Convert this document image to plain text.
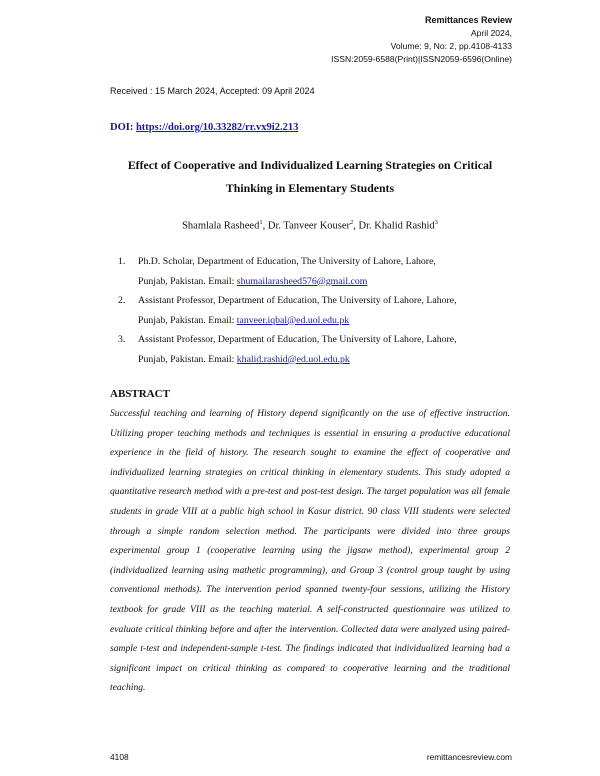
Remittances Review
April 2024,
Volume: 9, No: 2, pp.4108-4133
ISSN:2059-6588(Print)|ISSN2059-6596(Online)
Received : 15 March 2024, Accepted: 09 April 2024
DOI: https://doi.org/10.33282/rr.vx9i2.213
Effect of Cooperative and Individualized Learning Strategies on Critical
Thinking in Elementary Students
Shamlala Rasheed$^1$, Dr. Tanveer Kouser$^2$, Dr. Khalid Rashid$^3$
1. Ph.D. Scholar, Department of Education, The University of Lahore, Lahore,
Punjab, Pakistan. Email: shumailarasheed576@gmail.com
2. Assistant Professor, Department of Education, The University of Lahore, Lahore,
Punjab, Pakistan. Email: tanveer.iqbal@ed.uol.edu.pk
3. Assistant Professor, Department of Education, The University of Lahore, Lahore,
Punjab, Pakistan. Email: khalid.rashid@ed.uol.edu.pk
ABSTRACT

Successful teaching and learning of History depend significantly on the use of effective instruction. Utilizing proper teaching methods and techniques is essential in ensuring a productive educational experience in the field of history. The research sought to examine the effect of cooperative and individualized learning strategies on critical thinking in elementary students. This study adopted a quantitative research method with a pre-test and post-test design. The target population was all female students in grade VIII at a public high school in Kasur district. 90 class VIII students were selected through a simple random selection method. The participants were divided into three groups experimental group 1 (cooperative learning using the jigsaw method), experimental group 2 (individualized learning using mathetic programming), and Group 3 (control group taught by using conventional methods). The intervention period spanned twenty-four sessions, utilizing the History textbook for grade VIII as the teaching material. A self-constructed questionnaire was utilized to evaluate critical thinking before and after the intervention. Collected data were analyzed using paired-sample t-test and independent-sample t-test. The findings indicated that individualized learning had a significant impact on critical thinking as compared to cooperative learning and the traditional teaching.

4108	remittancesreview.com
